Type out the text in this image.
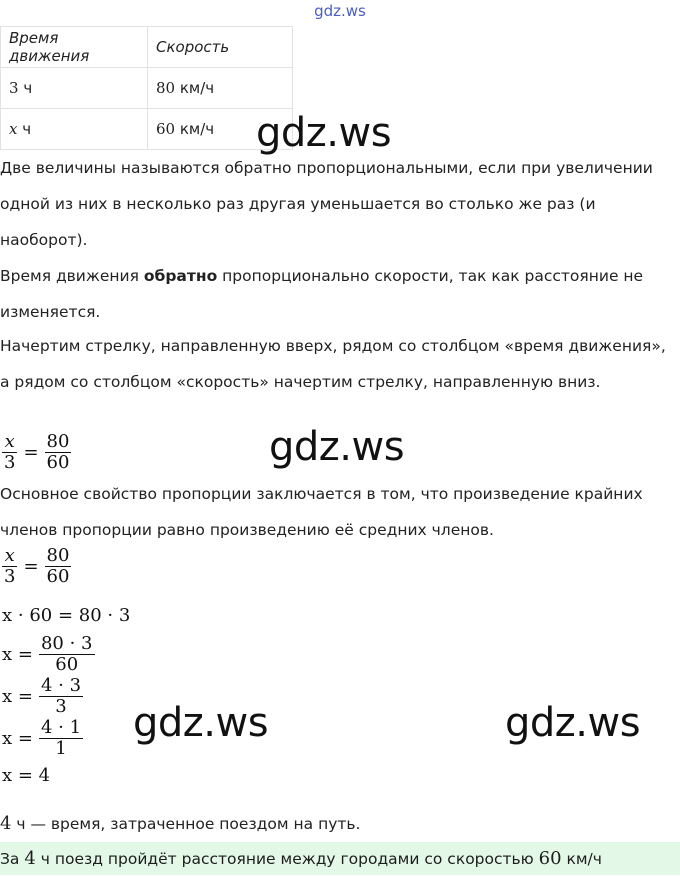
gdz.ws
Время движения	Скорость
3 ч	80 км/ч
x ч	60 км/ч gdz.ws
Две величины называются обратно пропорциональными, если при увеличении одной из них в несколько раз другая уменьшается во столько же раз (и наоборот).
Время движения обратно пропорционально скорости, так как расстояние не изменяется.
Начертим стрелку, направленную вверх, рядом со столбцом «время движения», а рядом со столбцом «скорость» начертим стрелку, направленную вниз.
$\frac{x}{3} = \frac{80}{60}$	gdz.ws
Основное свойство пропорции заключается в том, что произведение крайних членов пропорции равно произведению её средних членов.
$\frac{x}{3} = \frac{80}{60}$
x · 60 = 80 · 3
$x = \frac{80 \cdot 3}{60}$
$x = \frac{4 \cdot 3}{3}$
$x = \frac{4 \cdot 1}{1} gdz.ws$	gdz.ws
x = 4
4 ч — время, затраченное поездом на путь.
За 4 ч поезд пройдёт расстояние между городами со скоростью 60 км/ч
